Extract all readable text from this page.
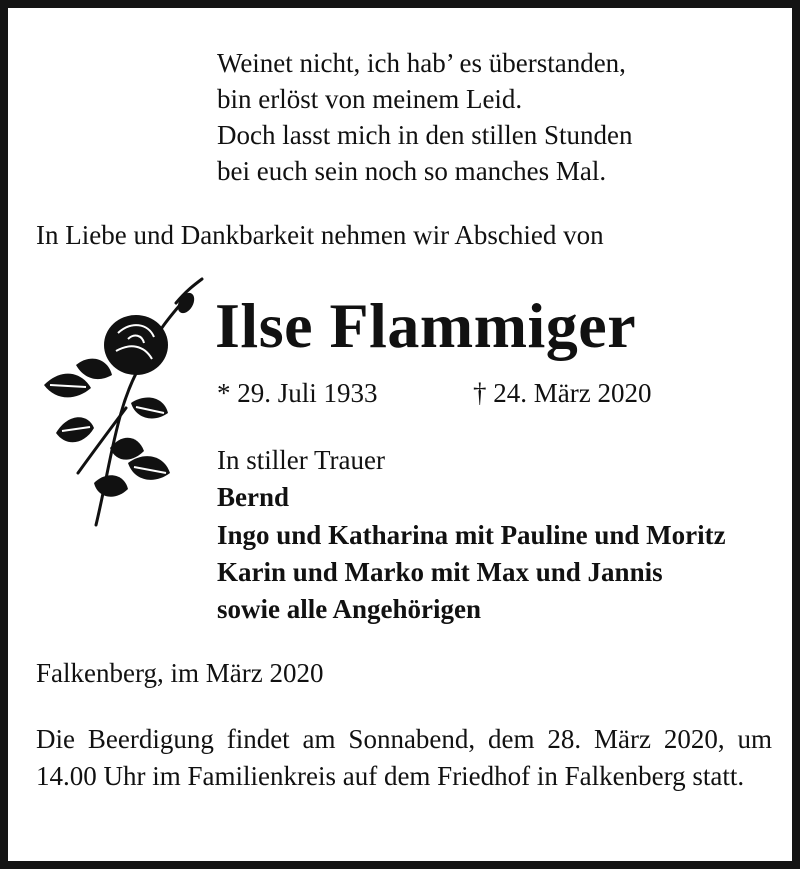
Weinet nicht, ich hab’ es überstanden,
bin erlöst von meinem Leid.
Doch lasst mich in den stillen Stunden
bei euch sein noch so manches Mal.
In Liebe und Dankbarkeit nehmen wir Abschied von
Ilse Flammiger
* 29. Juli 1933	† 24. März 2020
In stiller Trauer
Bernd
Ingo und Katharina mit Pauline und Moritz
Karin und Marko mit Max und Jannis
sowie alle Angehörigen
Falkenberg, im März 2020
Die Beerdigung findet am Sonnabend, dem 28. März 2020, um 14.00 Uhr im Familienkreis auf dem Friedhof in Falkenberg statt.
